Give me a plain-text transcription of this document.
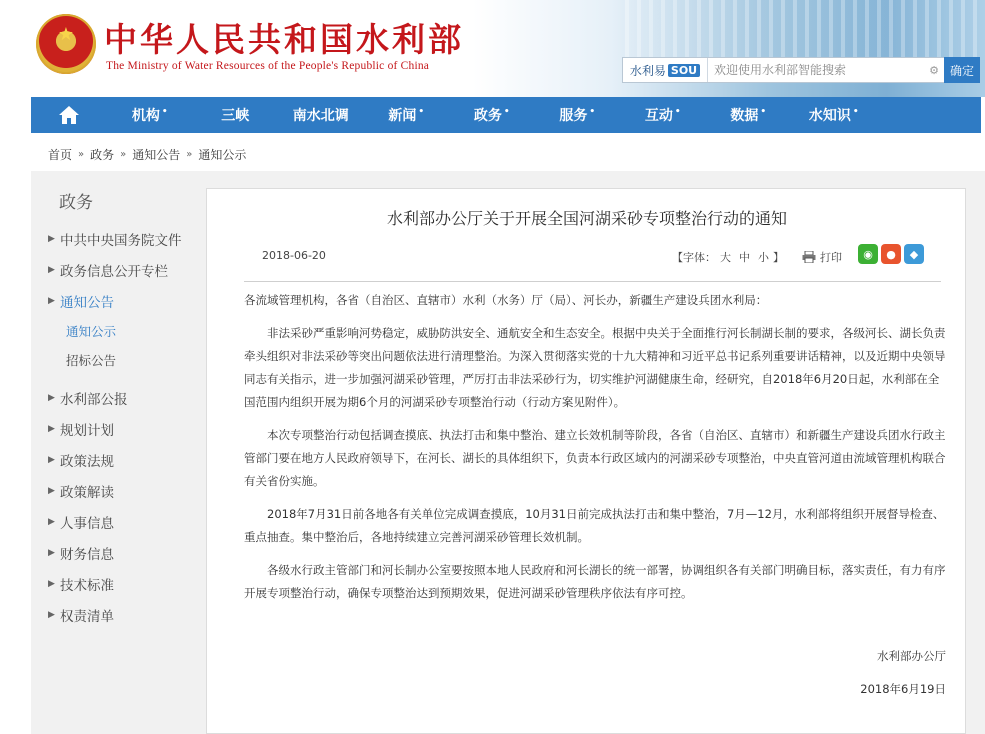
★ 中华人民共和国水利部
The Ministry of Water Resources of the People's Republic of China	水利易 SOU
欢迎使用水利部智能搜索	⚙ 确定
机构 •	三峡	南水北调	新闻 •	政务 •	服务 •	互动 •	数据 •	水知识 •
首页 » 政务 » 通知公告 » 通知公示
政务
▶ 中共中央国务院文件
▶ 政务信息公开专栏
▶ 通知公告
通知公示
招标公告
▶ 水利部公报
▶ 规划计划
▶ 政策法规
▶ 政策解读
▶ 人事信息
▶ 财务信息
▶ 技术标准
▶ 权责清单
水利部办公厅关于开展全国河湖采砂专项整治行动的通知
2018-06-20	【字体： 大 中 小 】	打印	◉	●	◆

各流域管理机构，各省（自治区、直辖市）水利（水务）厅（局）、河长办，新疆生产建设兵团水利局：

非法采砂严重影响河势稳定，威胁防洪安全、通航安全和生态安全。根据中央关于全面推行河长制湖长制的要求，各级河长、湖长负责牵头组织对非法采砂等突出问题依法进行清理整治。为深入贯彻落实党的十九大精神和习近平总书记系列重要讲话精神，以及近期中央领导同志有关指示，进一步加强河湖采砂管理，严厉打击非法采砂行为，切实维护河湖健康生命，经研究，自2018年6月20日起，水利部在全国范围内组织开展为期6个月的河湖采砂专项整治行动（行动方案见附件）。

本次专项整治行动包括调查摸底、执法打击和集中整治、建立长效机制等阶段，各省（自治区、直辖市）和新疆生产建设兵团水行政主管部门要在地方人民政府领导下，在河长、湖长的具体组织下，负责本行政区域内的河湖采砂专项整治，中央直管河道由流域管理机构联合有关省份实施。

2018年7月31日前各地各有关单位完成调查摸底，10月31日前完成执法打击和集中整治，7月—12月，水利部将组织开展督导检查、重点抽查。集中整治后，各地持续建立完善河湖采砂管理长效机制。

各级水行政主管部门和河长制办公室要按照本地人民政府和河长湖长的统一部署，协调组织各有关部门明确目标，落实责任，有力有序开展专项整治行动，确保专项整治达到预期效果，促进河湖采砂管理秩序依法有序可控。

水利部办公厅
2018年6月19日
